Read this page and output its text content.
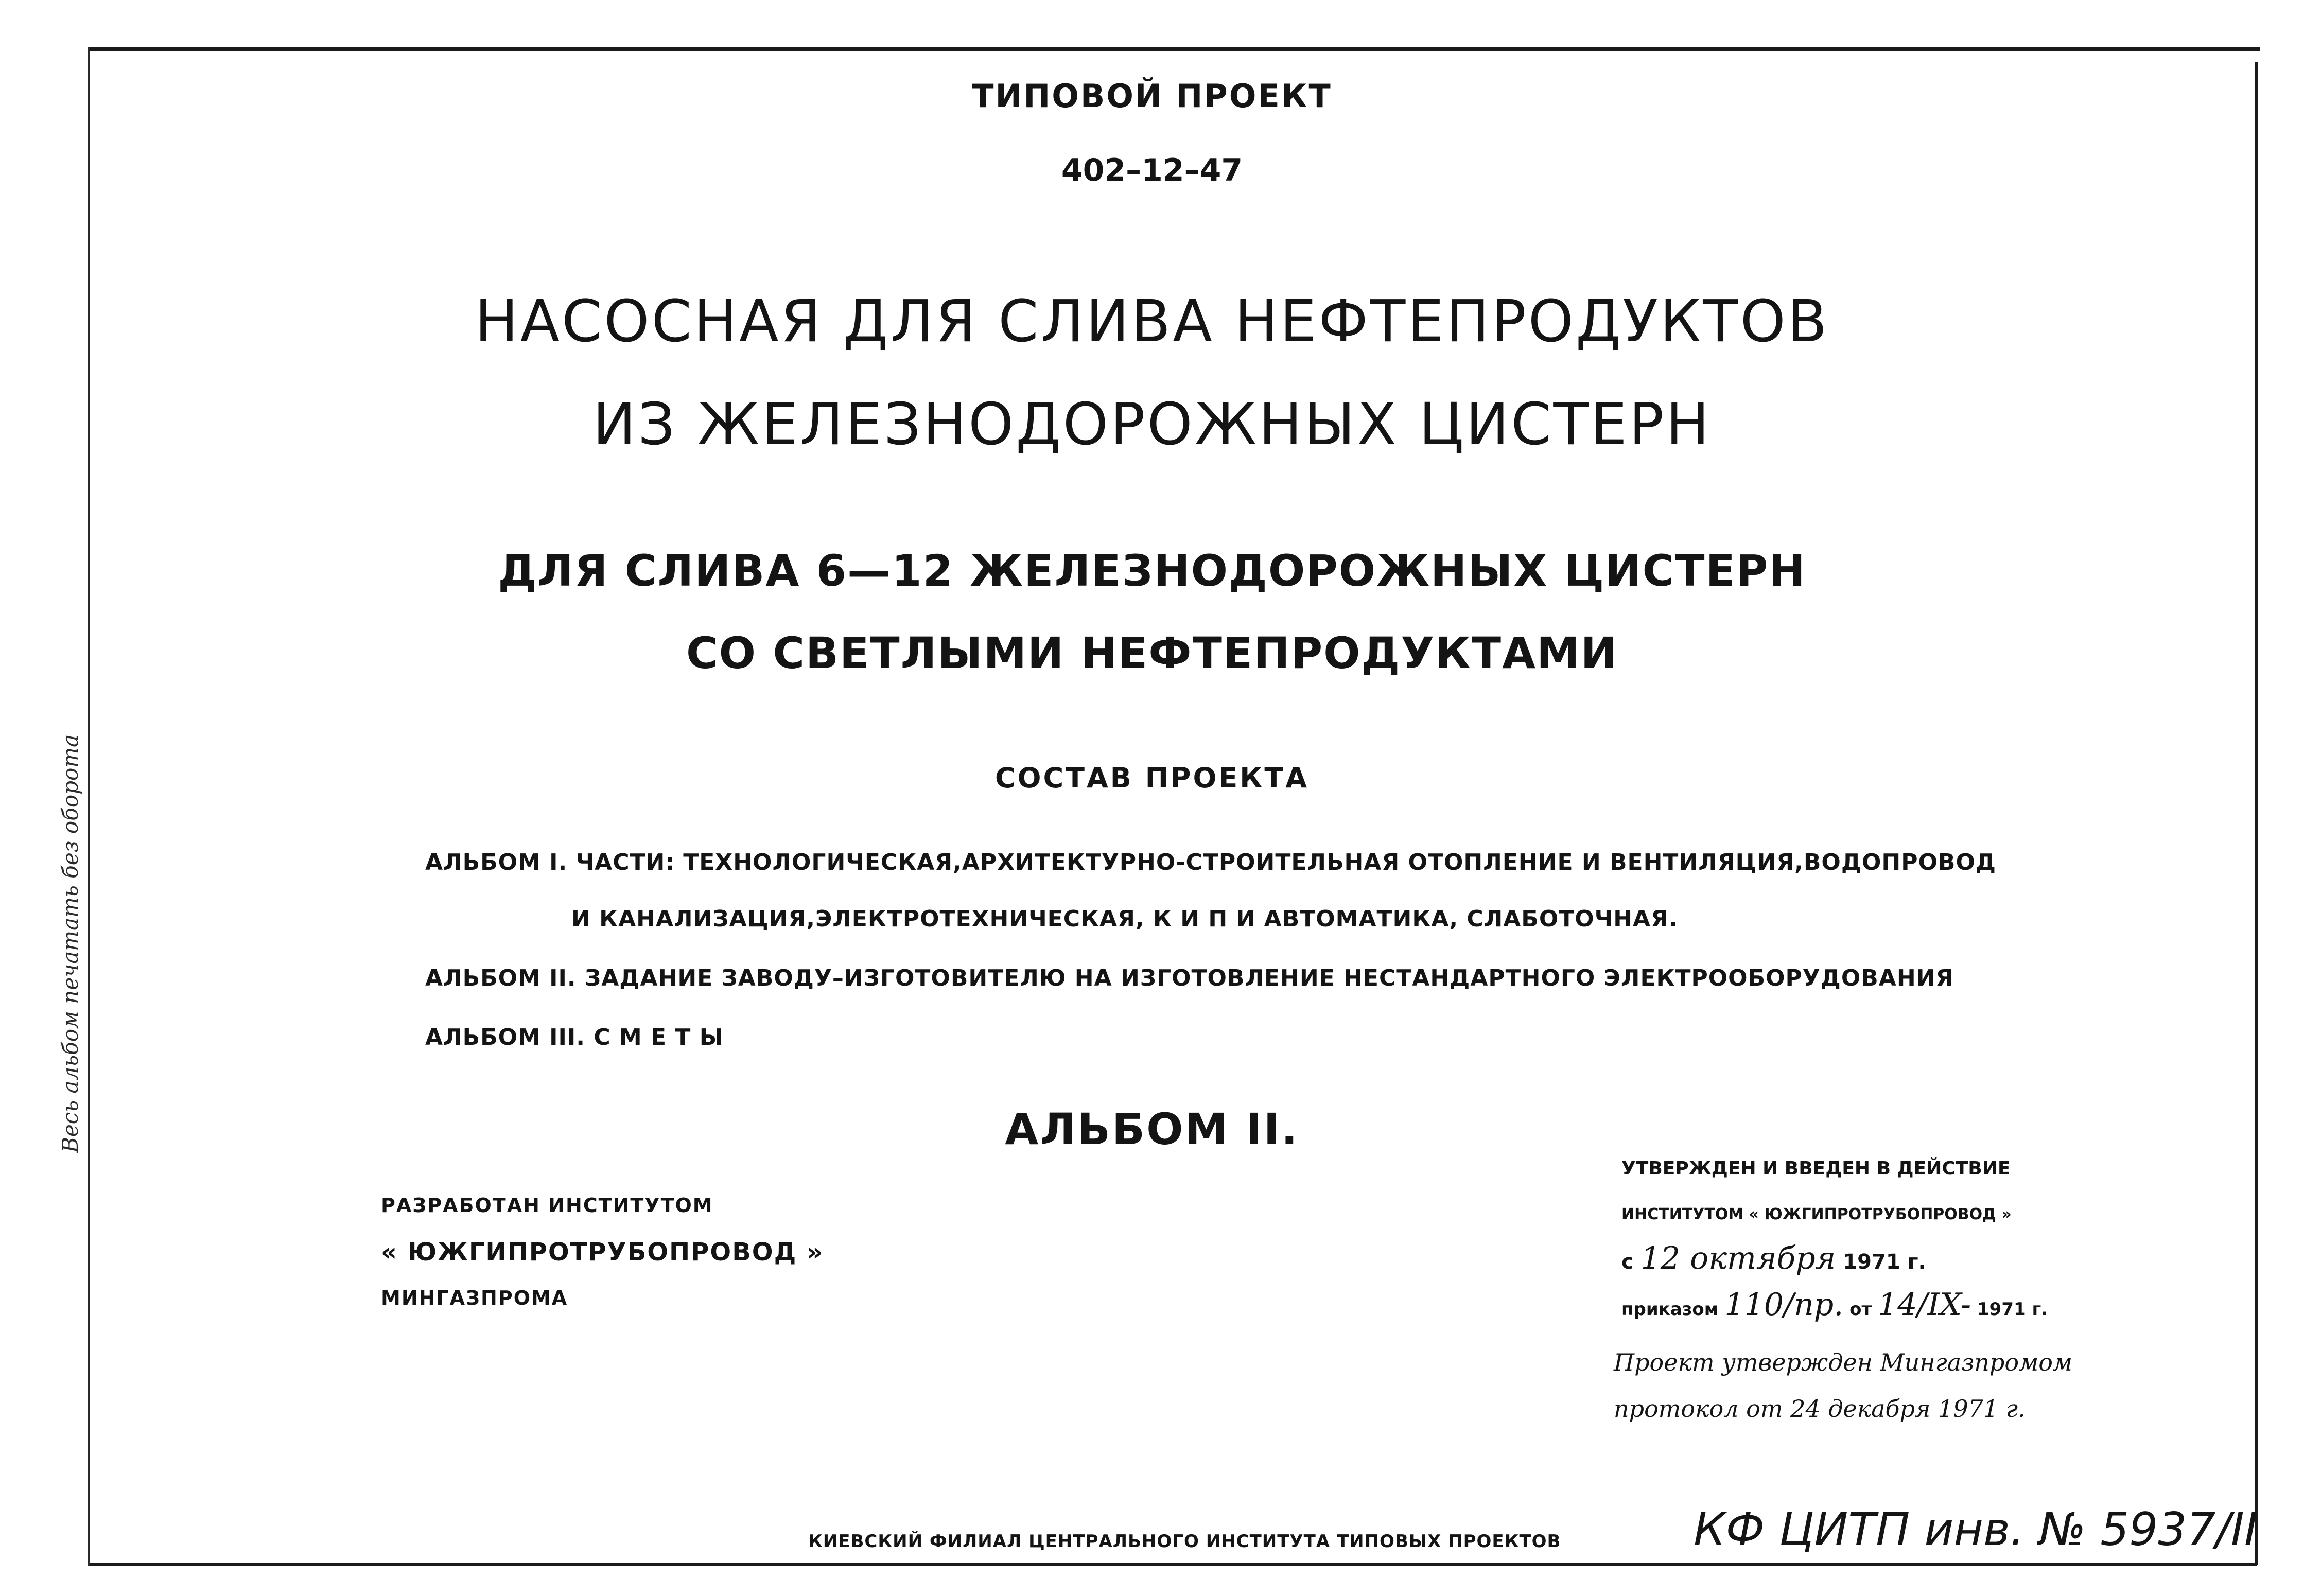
Весь альбом печатать без оборота
ТИПОВОЙ ПРОЕКТ
402–12–47
НАСОСНАЯ ДЛЯ СЛИВА НЕФТЕПРОДУКТОВ
ИЗ ЖЕЛЕЗНОДОРОЖНЫХ ЦИСТЕРН
ДЛЯ СЛИВА 6—12 ЖЕЛЕЗНОДОРОЖНЫХ ЦИСТЕРН
СО СВЕТЛЫМИ НЕФТЕПРОДУКТАМИ
СОСТАВ ПРОЕКТА
АЛЬБОМ I. ЧАСТИ: ТЕХНОЛОГИЧЕСКАЯ,АРХИТЕКТУРНО-СТРОИТЕЛЬНАЯ ОТОПЛЕНИЕ И ВЕНТИЛЯЦИЯ,ВОДОПРОВОД
И КАНАЛИЗАЦИЯ,ЭЛЕКТРОТЕХНИЧЕСКАЯ, К И П И АВТОМАТИКА, СЛАБОТОЧНАЯ.
АЛЬБОМ II. ЗАДАНИЕ ЗАВОДУ–ИЗГОТОВИТЕЛЮ НА ИЗГОТОВЛЕНИЕ НЕСТАНДАРТНОГО ЭЛЕКТРООБОРУДОВАНИЯ
АЛЬБОМ III. С М Е Т Ы
АЛЬБОМ II.
РАЗРАБОТАН ИНСТИТУТОМ
« ЮЖГИПРОТРУБОПРОВОД »
МИНГАЗПРОМА
УТВЕРЖДЕН И ВВЕДЕН В ДЕЙСТВИЕ
ИНСТИТУТОМ « ЮЖГИПРОТРУБОПРОВОД »
с 12 октября 1971 г.
приказом 110/пр. от 14/IX- 1971 г.
Проект утвержден Мингазпромом
протокол от 24 декабря 1971 г.
КИЕВСКИЙ ФИЛИАЛ ЦЕНТРАЛЬНОГО ИНСТИТУТА ТИПОВЫХ ПРОЕКТОВ	КФ ЦИТП инв. № 5937/II
